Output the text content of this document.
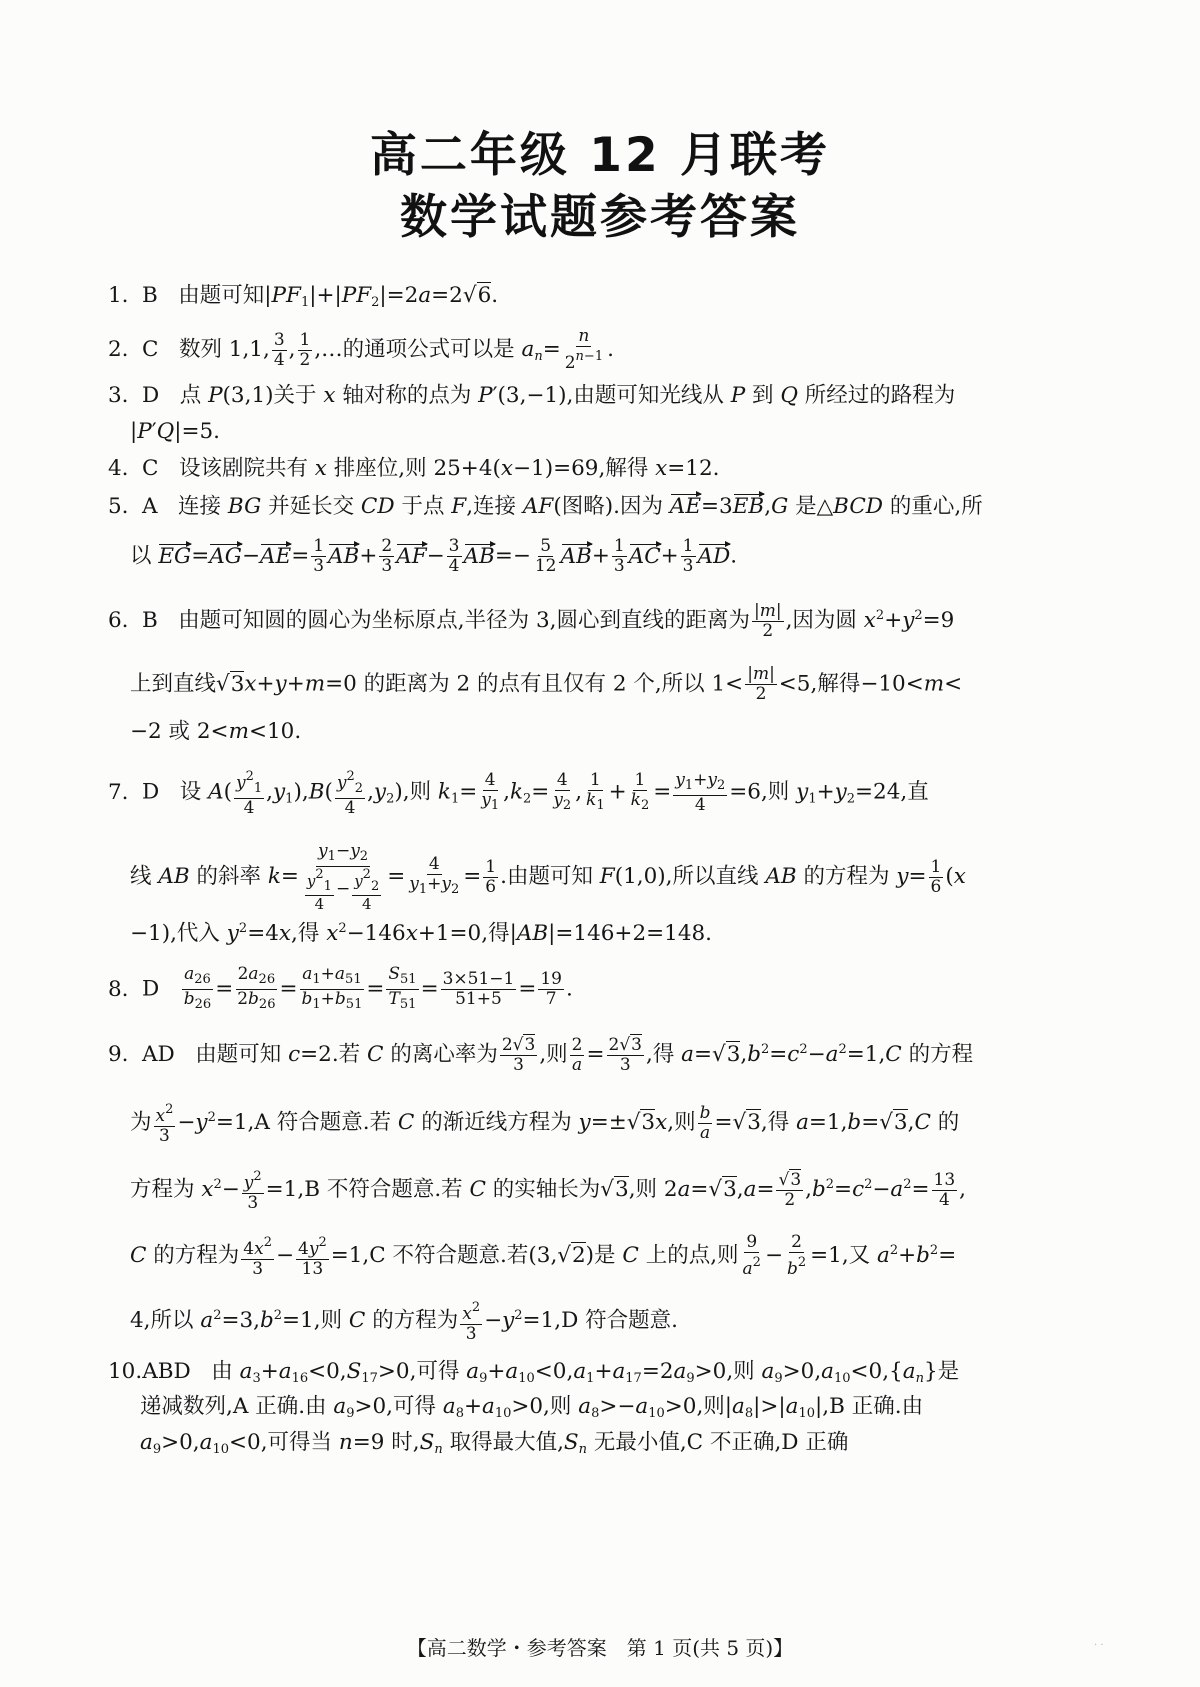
高二年级 12 月联考
数学试题参考答案
1. B   由题可知$|PF_1|+|PF_2|=2a=2√6$.
2. C   数列 1,1, $\frac{3}{4}$ , $\frac{1}{2}$ ,…的通项公式可以是 $a_n= \frac{n}{2^{n-1}}$ .
3. D   点 P(3,1)关于 x 轴对称的点为 P′(3,−1),由题可知光线从 P 到 Q 所经过的路程为
|P′Q|=5.
4. C   设该剧院共有 x 排座位,则 25+4(x−1)=69,解得 x=12.
5. A   连接 BG 并延长交 CD 于点 F,连接 AF(图略).因为 AE=3EB,G 是△BCD 的重心,所
以 $EG=AG-AE= \frac{1}{3} AB+ \frac{2}{3} AF- \frac{3}{4} AB=- \frac{5}{12} AB+ \frac{1}{3} AC+ \frac{1}{3}$ AD.
6. B   由题可知圆的圆心为坐标原点,半径为 3,圆心到直线的距离为 $\frac{|m|}{2}$ ,因为圆 $x^2+y^2=9$
上到直线√3x+y+m=0 的距离为 2 的点有且仅有 2 个,所以 $1< \frac{|m|}{2} <5$,解得−10<m<
−2 或 2<m<10.
7. D   设 $A( \frac{y^2_1}{4} ,y_1),B( \frac{y^2_2}{4} ,y_2)$,则 $k_1= \frac{4}{y_1} ,k_2= \frac{4}{y_2}$ , $\frac{1}{k_1} + \frac{1}{k_2} = \frac{y_1+y_2}{4} =6$,则 $y_1+y_2=24$,直
线 AB 的斜率 $k= \frac{y_1-y_2}{\frac{y21}{4} - \frac{y22}{4}} = \frac{4}{y_1+y_2} = \frac{1}{6}$ .由题可知 F(1,0),所以直线 AB 的方程为 $y= \frac{1}{6} (x$
−1),代入 $y^2=4x$,得 $x^2-146x+1=0$,得|AB|=146+2=148.
8. D $\frac{a_{26}}{b_{26}} = \frac{2a_{26}}{2b_{26}} = \frac{a_1+a_{51}}{b_1+b_{51}} = \frac{S_{51}}{T_{51}} = \frac{3\times 51-1}{51+5} = \frac{19}{7}$ .
9. AD   由题可知 c=2.若 C 的离心率为 $\frac{2√3}{3}$ ,则 $\frac{2}{a} = \frac{2√3}{3}$ ,得 $a=√3,b^2=c^2-a^2=1,C$ 的方程
为 $\frac{x^2}{3} -y^2=1,A$ 符合题意.若 C 的渐近线方程为 y=±√3x,则 $\frac{b}{a} =√3$,得 a=1,b=√3,C 的
方程为 $x^2- \frac{y^2}{3} =1,B$ 不符合题意.若 C 的实轴长为√3,则 $2a=√3,a= \frac{√3}{2} ,b^2=c^2-a^2= \frac{13}{4}$ ,
C 的方程为 $\frac{4x^2}{3} - \frac{4y^2}{13} =1,C$ 不符合题意.若(3,√2)是 C 上的点,则 $\frac{9}{a^2} - \frac{2}{b^2} =1$,又 $a^2+b^2=$
4,所以 $a^2=3,b^2=1$,则 C 的方程为 $\frac{x^2}{3} -y^2=1,D$ 符合题意.
10.ABD   由 $a_3+a_{16}<0,S_{17}>0$,可得 $a_9+a_{10}<0,a_1+a_{17}=2a_9>0$,则 $a_9>0,a_{10}<0,\{a_n\}$是
递减数列,A 正确.由 $a_9>0$,可得 $a_8+a_{10}>0$,则 $a_8>-a_{10}>0$,则$|a_8|>|a_{10}|,B$ 正确.由
$a_9>0,a_{10}<0$,可得当 n=9 时$,S_n$ 取得最大值$,S_n$ 无最小值,C 不正确,D 正确
【高二数学・参考答案　第 1 页(共 5 页)】	· ·
